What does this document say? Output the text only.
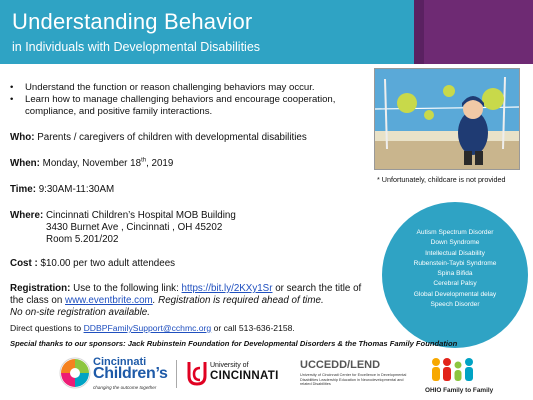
Understanding Behavior
in Individuals with Developmental Disabilities
•	Understand the function or reason challenging behaviors may occur.
•	Learn how to manage challenging behaviors and encourage cooperation, compliance, and positive family interactions.
Who: Parents / caregivers of children with developmental disabilities
When: Monday, November 18th, 2019
Time: 9:30AM-11:30AM
Where: Cincinnati Children’s Hospital MOB Building
3430 Burnet Ave , Cincinnati , OH 45202
Room 5.201/202
Cost : $10.00 per two adult attendees
Registration: Use to the following link: https://bit.ly/2KXy1Sr or search the title of
the class on www.eventbrite.com. Registration is required ahead of time.
No on-site registration available.
Direct questions to DDBPFamilySupport@cchmc.org or call 513-636-2158.
* Unfortunately, childcare is not provided
Autism Spectrum Disorder
Down Syndrome
Intellectual Disability
Rubenstein-Taybi Syndrome
Spina Bifida
Cerebral Palsy
Global Developmental delay
Speech Disorder
Special thanks to our sponsors: Jack Rubinstein Foundation for Developmental Disorders & the Thomas Family Foundation
Cincinnati
Children’s
changing the outcome together
University of
CINCINNATI
UCCEDD/LEND
University of Cincinnati Center for Excellence in Developmental Disabilities Leadership Education in Neurodevelopmental and related Disabilities
OHIO Family to Family
